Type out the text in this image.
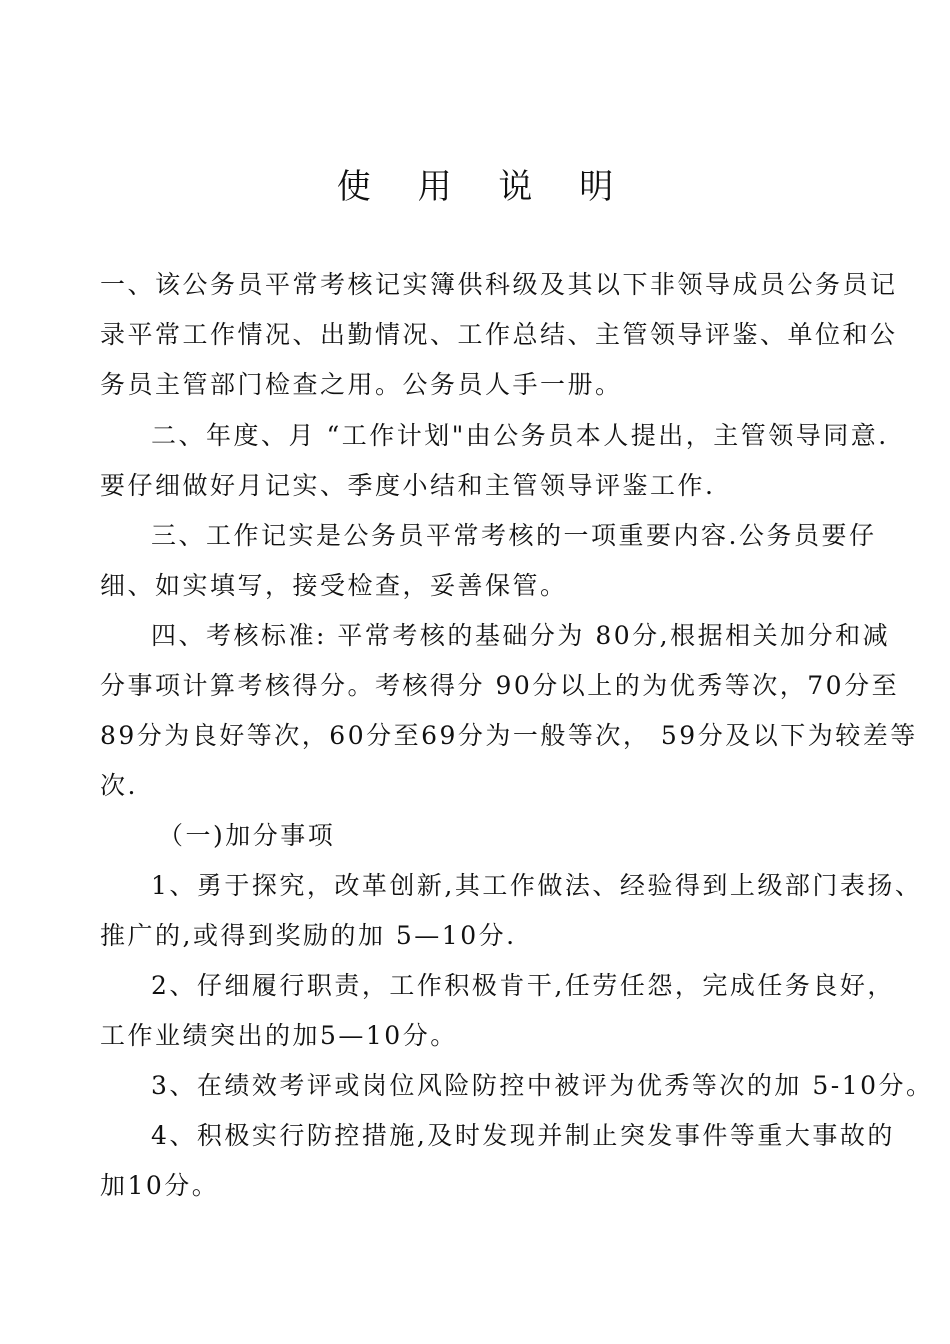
使 用 说 明
一、该公务员平常考核记实簿供科级及其以下非领导成员公务员记
录平常工作情况、出勤情况、工作总结、主管领导评鉴、单位和公
务员主管部门检查之用。公务员人手一册。
二、年度、月 “工作计划"由公务员本人提出，主管领导同意.
要仔细做好月记实、季度小结和主管领导评鉴工作.
三、工作记实是公务员平常考核的一项重要内容.公务员要仔
细、如实填写，接受检查，妥善保管。
四、考核标准: 平常考核的基础分为 80分,根据相关加分和减
分事项计算考核得分。考核得分 90分以上的为优秀等次，70分至
89分为良好等次，60分至69分为一般等次， 59分及以下为较差等
次.
（一)加分事项
1、勇于探究，改革创新,其工作做法、经验得到上级部门表扬、
推广的,或得到奖励的加 5—10分.
2、仔细履行职责，工作积极肯干,任劳任怨，完成任务良好，
工作业绩突出的加5—10分。
3、在绩效考评或岗位风险防控中被评为优秀等次的加 5-10分。
4、积极实行防控措施,及时发现并制止突发事件等重大事故的
加10分。
